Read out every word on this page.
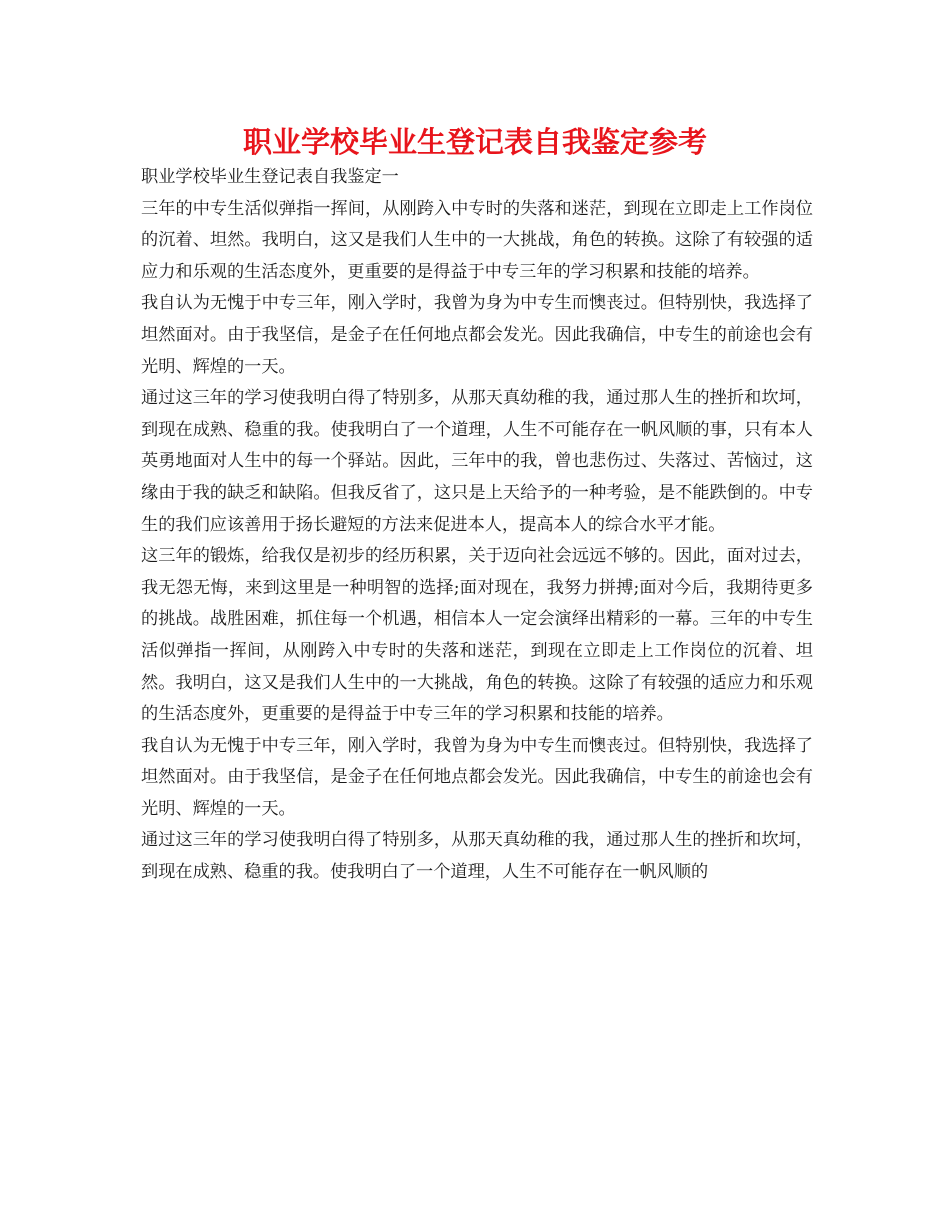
职业学校毕业生登记表自我鉴定参考

职业学校毕业生登记表自我鉴定一

三年的中专生活似弹指一挥间，从刚跨入中专时的失落和迷茫，到现在立即走上工作岗位的沉着、坦然。我明白，这又是我们人生中的一大挑战，角色的转换。这除了有较强的适应力和乐观的生活态度外，更重要的是得益于中专三年的学习积累和技能的培养。

我自认为无愧于中专三年，刚入学时，我曾为身为中专生而懊丧过。但特别快，我选择了坦然面对。由于我坚信，是金子在任何地点都会发光。因此我确信，中专生的前途也会有光明、辉煌的一天。

通过这三年的学习使我明白得了特别多，从那天真幼稚的我，通过那人生的挫折和坎坷，到现在成熟、稳重的我。使我明白了一个道理，人生不可能存在一帆风顺的事，只有本人英勇地面对人生中的每一个驿站。因此，三年中的我，曾也悲伤过、失落过、苦恼过，这缘由于我的缺乏和缺陷。但我反省了，这只是上天给予的一种考验，是不能跌倒的。中专生的我们应该善用于扬长避短的方法来促进本人，提高本人的综合水平才能。

这三年的锻炼，给我仅是初步的经历积累，关于迈向社会远远不够的。因此，面对过去，我无怨无悔，来到这里是一种明智的选择;面对现在，我努力拼搏;面对今后，我期待更多的挑战。战胜困难，抓住每一个机遇，相信本人一定会演绎出精彩的一幕。三年的中专生活似弹指一挥间，从刚跨入中专时的失落和迷茫，到现在立即走上工作岗位的沉着、坦然。我明白，这又是我们人生中的一大挑战，角色的转换。这除了有较强的适应力和乐观的生活态度外，更重要的是得益于中专三年的学习积累和技能的培养。

我自认为无愧于中专三年，刚入学时，我曾为身为中专生而懊丧过。但特别快，我选择了坦然面对。由于我坚信，是金子在任何地点都会发光。因此我确信，中专生的前途也会有光明、辉煌的一天。

通过这三年的学习使我明白得了特别多，从那天真幼稚的我，通过那人生的挫折和坎坷，到现在成熟、稳重的我。使我明白了一个道理，人生不可能存在一帆风顺的
